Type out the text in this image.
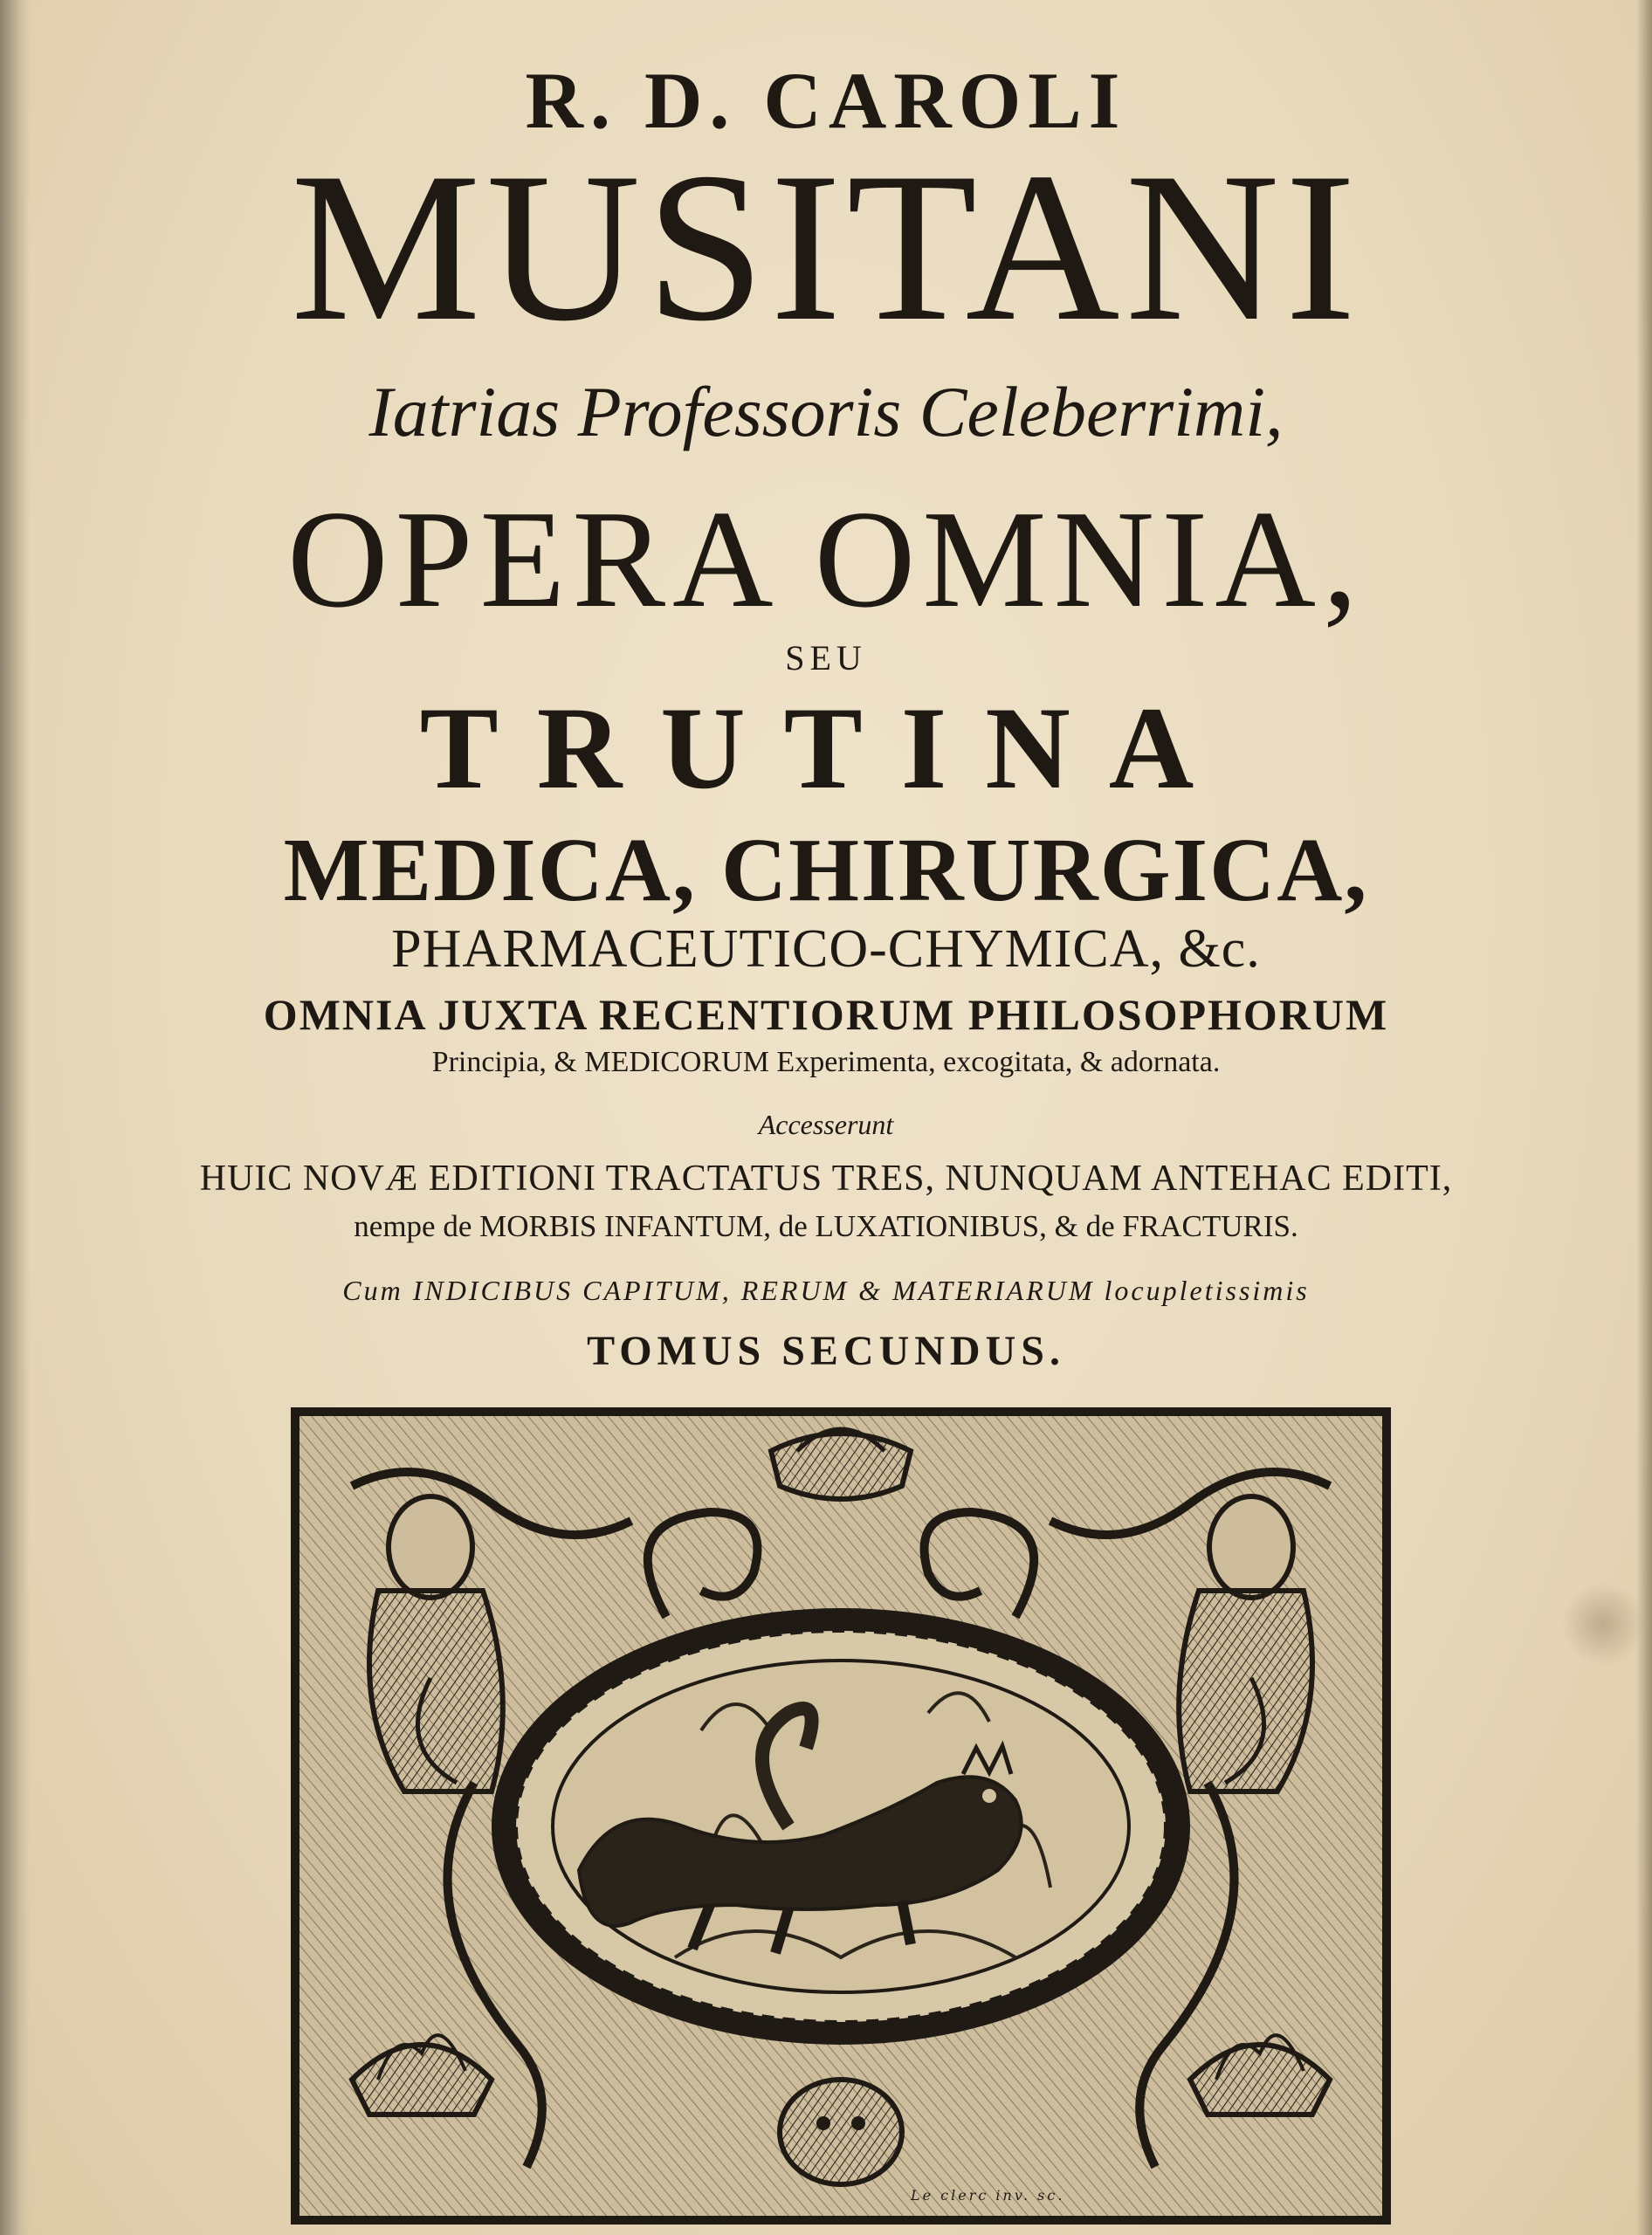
R. D. CAROLI

MUSITANI

Iatrias Professoris Celeberrimi,

OPERA OMNIA,

SEU

TRUTINA

MEDICA, CHIRURGICA,

PHARMACEUTICO-CHYMICA, &c.

OMNIA JUXTA RECENTIORUM PHILOSOPHORUM

Principia, & MEDICORUM Experimenta, excogitata, & adornata.

Accesserunt

HUIC NOVÆ EDITIONI TRACTATUS TRES, NUNQUAM ANTEHAC EDITI,

nempe de MORBIS INFANTUM, de LUXATIONIBUS, & de FRACTURIS.

Cum INDICIBUS CAPITUM, RERUM & MATERIARUM locupletissimis

TOMUS SECUNDUS.

Le clerc inv. sc.
